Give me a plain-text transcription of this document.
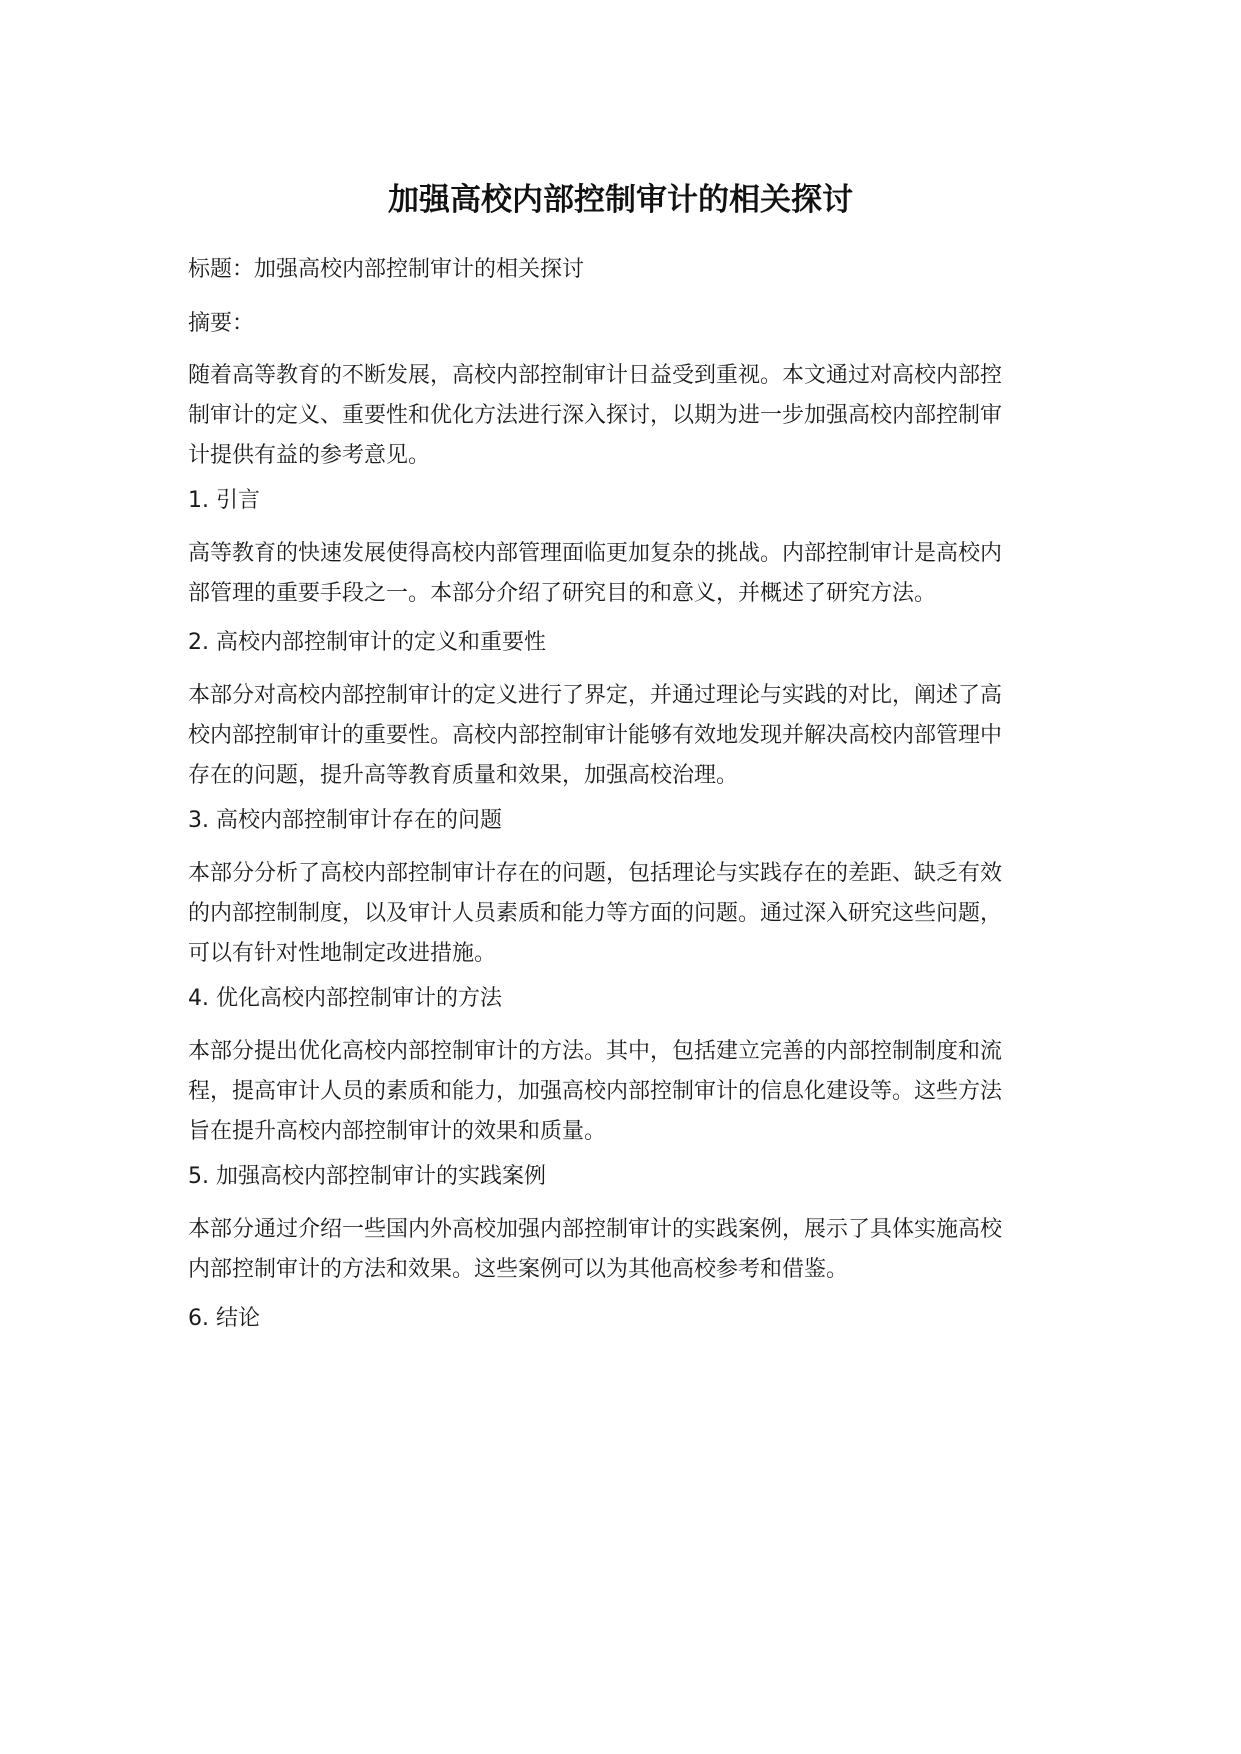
加强高校内部控制审计的相关探讨
标题：加强高校内部控制审计的相关探讨
摘要：
随着高等教育的不断发展，高校内部控制审计日益受到重视。本文通过对高校内部控
制审计的定义、重要性和优化方法进行深入探讨，以期为进一步加强高校内部控制审
计提供有益的参考意见。
1. 引言
高等教育的快速发展使得高校内部管理面临更加复杂的挑战。内部控制审计是高校内
部管理的重要手段之一。本部分介绍了研究目的和意义，并概述了研究方法。
2. 高校内部控制审计的定义和重要性
本部分对高校内部控制审计的定义进行了界定，并通过理论与实践的对比，阐述了高
校内部控制审计的重要性。高校内部控制审计能够有效地发现并解决高校内部管理中
存在的问题，提升高等教育质量和效果，加强高校治理。
3. 高校内部控制审计存在的问题
本部分分析了高校内部控制审计存在的问题，包括理论与实践存在的差距、缺乏有效
的内部控制制度，以及审计人员素质和能力等方面的问题。通过深入研究这些问题，
可以有针对性地制定改进措施。
4. 优化高校内部控制审计的方法
本部分提出优化高校内部控制审计的方法。其中，包括建立完善的内部控制制度和流
程，提高审计人员的素质和能力，加强高校内部控制审计的信息化建设等。这些方法
旨在提升高校内部控制审计的效果和质量。
5. 加强高校内部控制审计的实践案例
本部分通过介绍一些国内外高校加强内部控制审计的实践案例，展示了具体实施高校
内部控制审计的方法和效果。这些案例可以为其他高校参考和借鉴。
6. 结论
